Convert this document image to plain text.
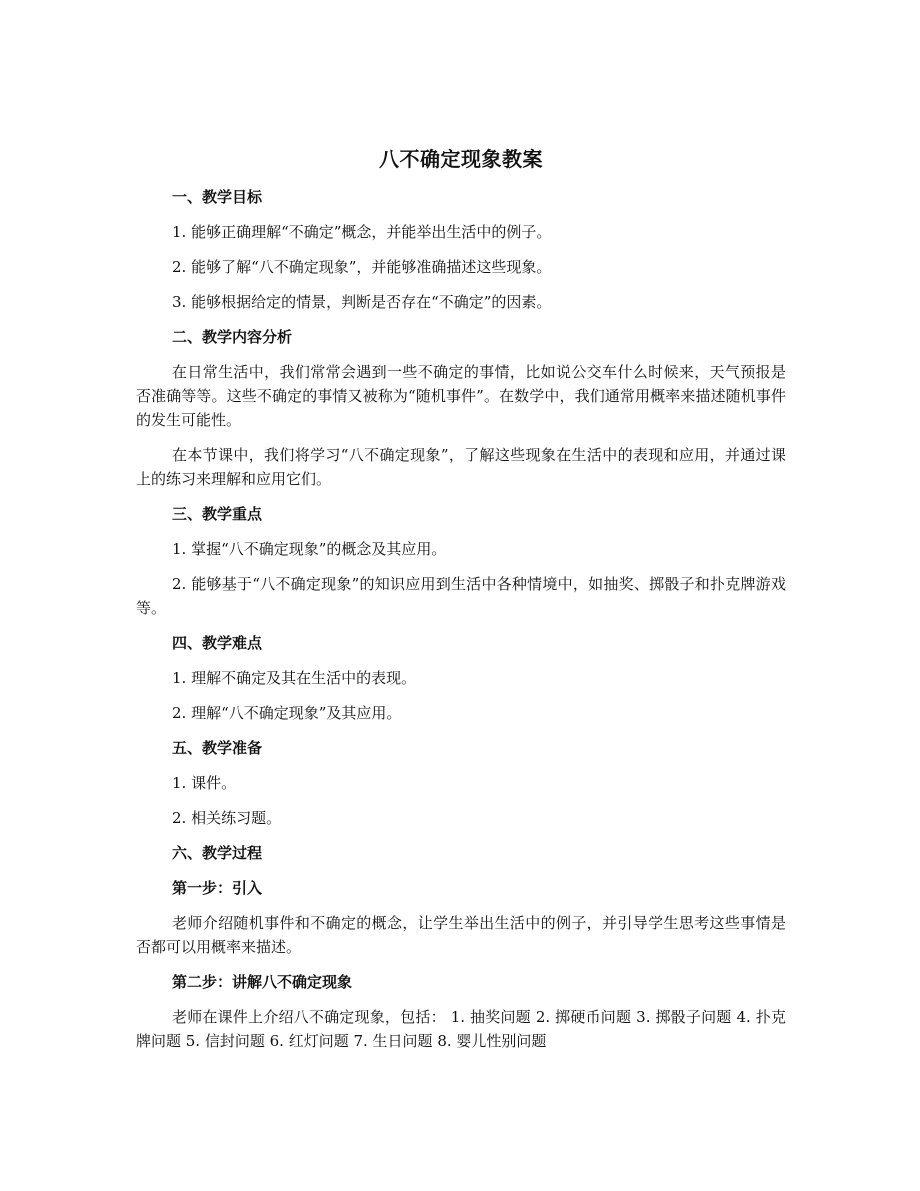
八不确定现象教案
一、教学目标
1. 能够正确理解“不确定”概念，并能举出生活中的例子。
2. 能够了解“八不确定现象”，并能够准确描述这些现象。
3. 能够根据给定的情景，判断是否存在“不确定”的因素。
二、教学内容分析
在日常生活中，我们常常会遇到一些不确定的事情，比如说公交车什么时候来，天气预报是否准确等等。这些不确定的事情又被称为“随机事件”。在数学中，我们通常用概率来描述随机事件的发生可能性。
在本节课中，我们将学习“八不确定现象”，了解这些现象在生活中的表现和应用，并通过课上的练习来理解和应用它们。
三、教学重点
1. 掌握“八不确定现象”的概念及其应用。
2. 能够基于“八不确定现象”的知识应用到生活中各种情境中，如抽奖、掷骰子和扑克牌游戏等。
四、教学难点
1. 理解不确定及其在生活中的表现。
2. 理解“八不确定现象”及其应用。
五、教学准备
1. 课件。
2. 相关练习题。
六、教学过程
第一步：引入
老师介绍随机事件和不确定的概念，让学生举出生活中的例子，并引导学生思考这些事情是否都可以用概率来描述。
第二步：讲解八不确定现象
老师在课件上介绍八不确定现象，包括： 1. 抽奖问题 2. 掷硬币问题 3. 掷骰子问题 4. 扑克牌问题 5. 信封问题 6. 红灯问题 7. 生日问题 8. 婴儿性别问题
